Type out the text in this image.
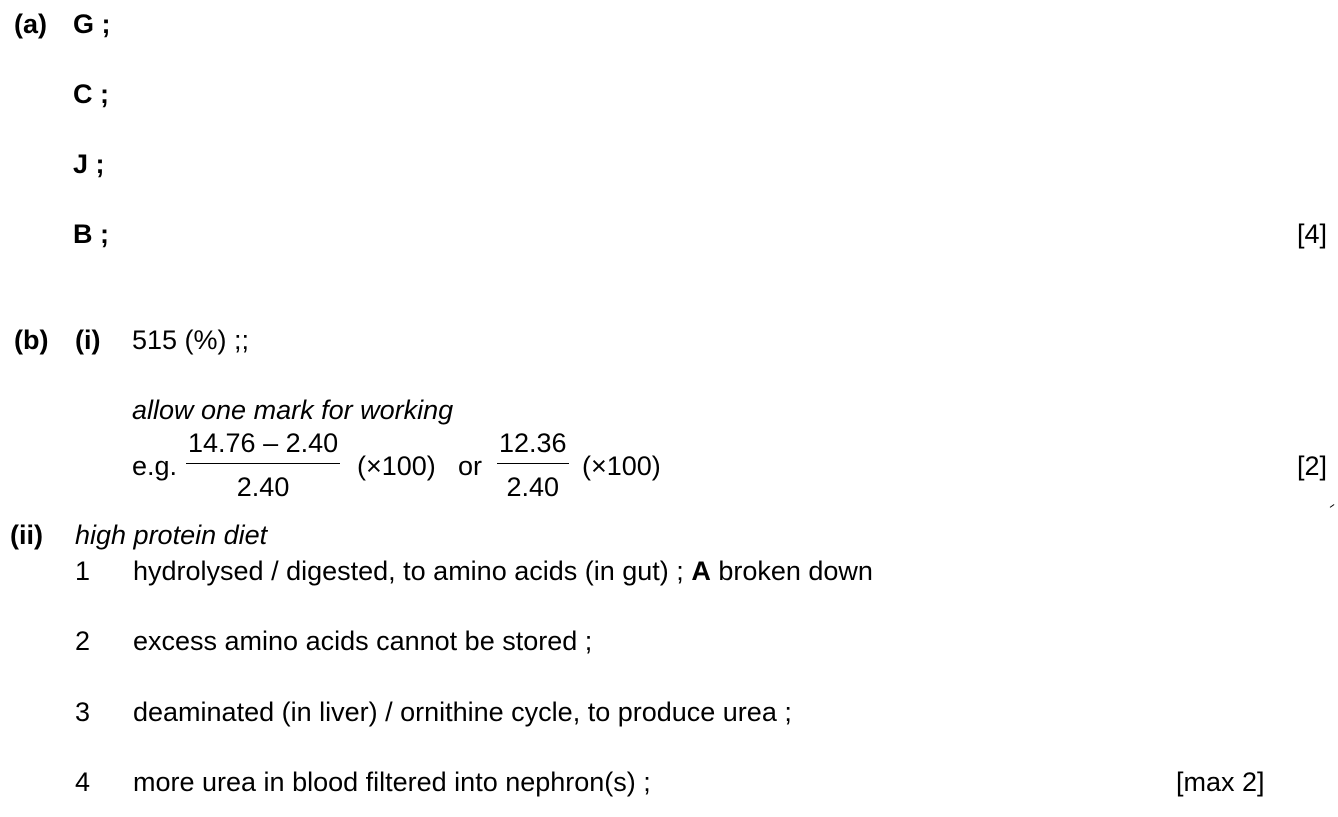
(a) G ;
C ;
J ;
B ;	[4]
(b) (i) 515 (%) ;;
allow one mark for working
e.g. $\frac{14.76 - 2.40}{2.40} (\times 100)$ or $\frac{12.36}{2.40} (\times 100)$	[2]
(ii) high protein diet
1 hydrolysed / digested, to amino acids (in gut) ; A broken down
2 excess amino acids cannot be stored ;
3 deaminated (in liver) / ornithine cycle, to produce urea ;
4 more urea in blood filtered into nephron(s) ;	[max 2]
